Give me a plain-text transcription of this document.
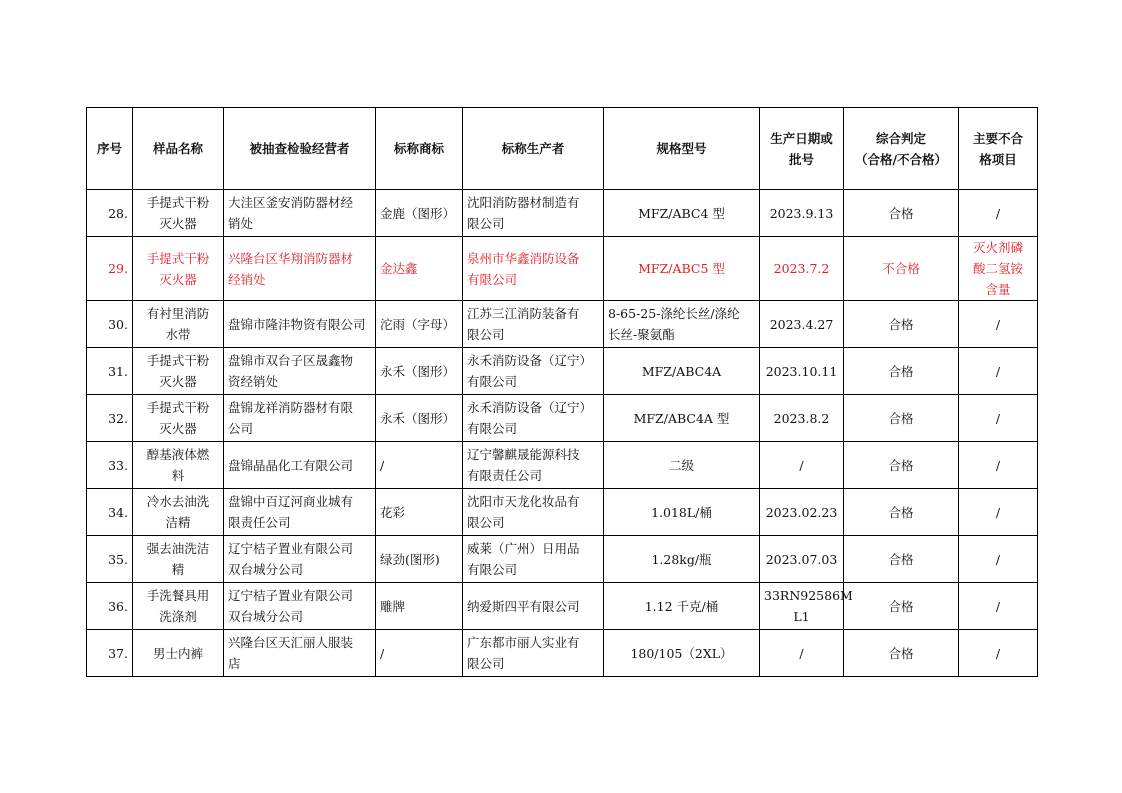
序号	样品名称	被抽查检验经营者	标称商标	标称生产者	规格型号	生产日期或
批号	综合判定
（合格/不合格）	主要不合
格项目
28.	手提式干粉
灭火器	大洼区釜安消防器材经
销处	金鹿（图形）	沈阳消防器材制造有
限公司	MFZ/ABC4 型	2023.9.13	合格	/
29.	手提式干粉
灭火器	兴隆台区华翔消防器材
经销处	金达鑫	泉州市华鑫消防设备
有限公司	MFZ/ABC5 型	2023.7.2	不合格	灭火剂磷
酸二氢铵
含量
30.	有衬里消防
水带	盘锦市隆沣物资有限公司	沱雨（字母）	江苏三江消防装备有
限公司	8-65-25-涤纶长丝/涤纶
长丝-聚氨酯	2023.4.27	合格	/
31.	手提式干粉
灭火器	盘锦市双台子区晟鑫物
资经销处	永禾（图形）	永禾消防设备（辽宁）
有限公司	MFZ/ABC4A	2023.10.11	合格	/
32.	手提式干粉
灭火器	盘锦龙祥消防器材有限
公司	永禾（图形）	永禾消防设备（辽宁）
有限公司	MFZ/ABC4A 型	2023.8.2	合格	/
33.	醇基液体燃
料	盘锦晶晶化工有限公司	/	辽宁馨麒晟能源科技
有限责任公司	二级	/	合格	/
34.	冷水去油洗
洁精	盘锦中百辽河商业城有
限责任公司	花彩	沈阳市天龙化妆品有
限公司	1.018L/桶	2023.02.23	合格	/
35.	强去油洗洁
精	辽宁桔子置业有限公司
双台城分公司	绿劲(图形)	威莱（广州）日用品
有限公司	1.28kg/瓶	2023.07.03	合格	/
36.	手洗餐具用
洗涤剂	辽宁桔子置业有限公司
双台城分公司	雕牌	纳爱斯四平有限公司	1.12 千克/桶	33RN92586M
L1	合格	/
37.	男士内裤	兴隆台区天汇丽人服装
店	/	广东都市丽人实业有
限公司	180/105（2XL）	/	合格	/
